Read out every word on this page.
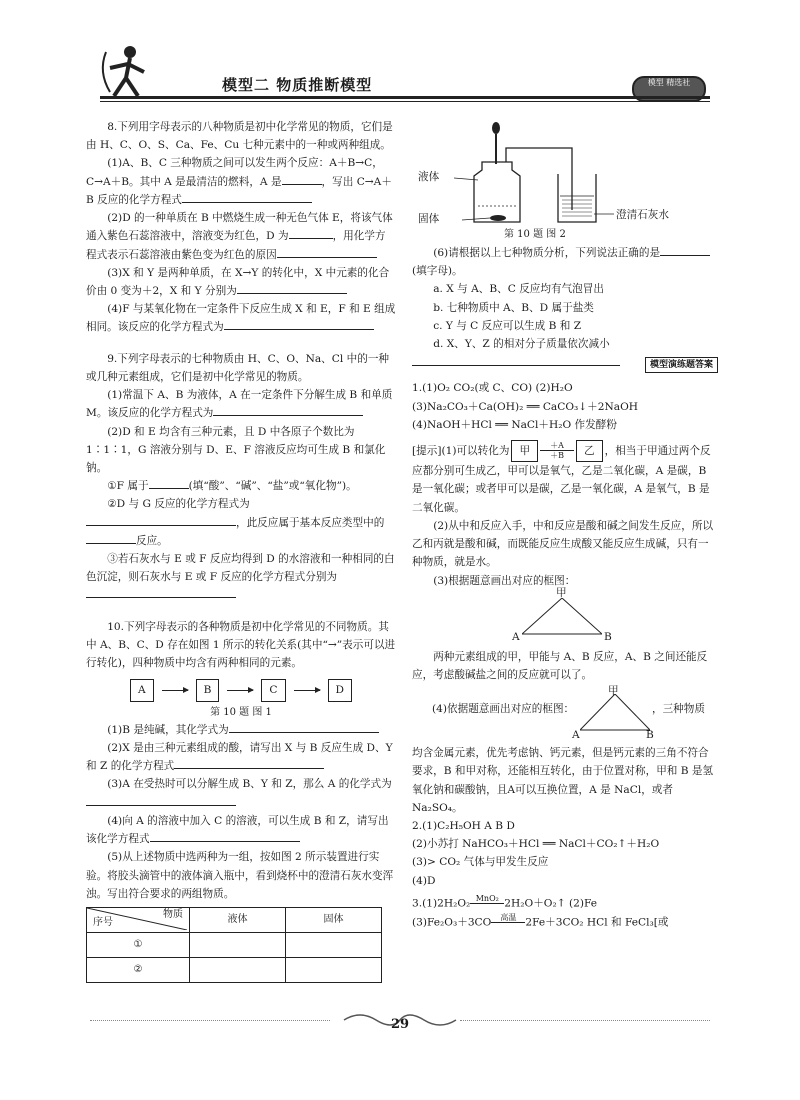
模型二 物质推断模型	模型 精选社

8.下列用字母表示的八种物质是初中化学常见的物质，它们是由 H、C、O、S、Ca、Fe、Cu 七种元素中的一种或两种组成。

(1)A、B、C 三种物质之间可以发生两个反应：A＋B→C，C→A＋B。其中 A 是最清洁的燃料，A 是	，写出 C→A＋B 反应的化学方程式

(2)D 的一种单质在 B 中燃烧生成一种无色气体 E，将该气体通入紫色石蕊溶液中，溶液变为红色，D 为	，用化学方程式表示石蕊溶液由紫色变为红色的原因

(3)X 和 Y 是两种单质，在 X→Y 的转化中，X 中元素的化合价由 0 变为＋2，X 和 Y 分别为

(4)F 与某氧化物在一定条件下反应生成 X 和 E，F 和 E 组成相同。该反应的化学方程式为

9.下列字母表示的七种物质由 H、C、O、Na、Cl 中的一种或几种元素组成，它们是初中化学常见的物质。

(1)常温下 A、B 为液体，A 在一定条件下分解生成 B 和单质 M。该反应的化学方程式为

(2)D 和 E 均含有三种元素，且 D 中各原子个数比为 1∶1∶1，G 溶液分别与 D、E、F 溶液反应均可生成 B 和氯化钠。

①F 属于	(填“酸”、“碱”、“盐”或“氧化物”)。

②D 与 G 反应的化学方程式为，此反应属于基本反应类型中的反应。

③若石灰水与 E 或 F 反应均得到 D 的水溶液和一种相同的白色沉淀，则石灰水与 E 或 F 反应的化学方程式分别为

10.下列字母表示的各种物质是初中化学常见的不同物质。其中 A、B、C、D 存在如图 1 所示的转化关系(其中“→”表示可以进行转化)，四种物质中均含有两种相同的元素。

A	B	C	D
第 10 题 图 1

(1)B 是纯碱，其化学式为

(2)X 是由三种元素组成的酸，请写出 X 与 B 反应生成 D、Y 和 Z 的化学方程式

(3)A 在受热时可以分解生成 B、Y 和 Z，那么 A 的化学式为

(4)向 A 的溶液中加入 C 的溶液，可以生成 B 和 Z，请写出该化学方程式

(5)从上述物质中选两种为一组，按如图 2 所示装置进行实验。将胶头滴管中的液体滴入瓶中，看到烧杯中的澄清石灰水变浑浊。写出符合要求的两组物质。

物质
序号	液体	固体
①		
②		
液体
固体	澄清石灰水
第 10 题 图 2

(6)请根据以上七种物质分析，下列说法正确的是

(填字母)。

a. X 与 A、B、C 反应均有气泡冒出

b. 七种物质中 A、B、D 属于盐类

c. Y 与 C 反应可以生成 B 和 Z

d. X、Y、Z 的相对分子质量依次减小

模型演练题答案

1.(1)O₂ CO₂(或 C、CO) (2)H₂O

(3)Na₂CO₃＋Ca(OH)₂ ══ CaCO₃↓＋2NaOH

(4)NaOH＋HCl ══ NaCl＋H₂O 作发酵粉

[提示](1)可以转化为 甲 $\frac{+A}{+B}$ 乙 ，相当于甲通过两个反

应都分别可生成乙，甲可以是氧气，乙是二氧化碳，A 是碳，B 是一氧化碳；或者甲可以是碳，乙是一氧化碳，A 是氧气，B 是二氧化碳。

(2)从中和反应入手，中和反应是酸和碱之间发生反应，所以乙和丙就是酸和碱，而既能反应生成酸又能反应生成碱，只有一种物质，就是水。

(3)根据题意画出对应的框图：

甲
A	B

两种元素组成的甲，甲能与 A、B 反应，A、B 之间还能反应，考虑酸碱盐之间的反应就可以了。

(4)依据题意画出对应的框图：
甲
A	B
，三种物质

均含金属元素，优先考虑钠、钙元素，但是钙元素的三角不符合要求，B 和甲对称，还能相互转化，由于位置对称，甲和 B 是氢氧化钠和碳酸钠，且A可以互换位置，A 是 NaCl，或者 Na₂SO₄。

2.(1)C₂H₅OH A B D

(2)小苏打 NaHCO₃＋HCl ══ NaCl＋CO₂↑＋H₂O

(3)> CO₂ 气体与甲发生反应

(4)D

3.(1)2H₂O₂ MnO₂
2H₂O＋O₂↑ (2)Fe

(3)Fe₂O₃＋3CO	高温
2Fe＋3CO₂ HCl 和 FeCl₃[或

29
